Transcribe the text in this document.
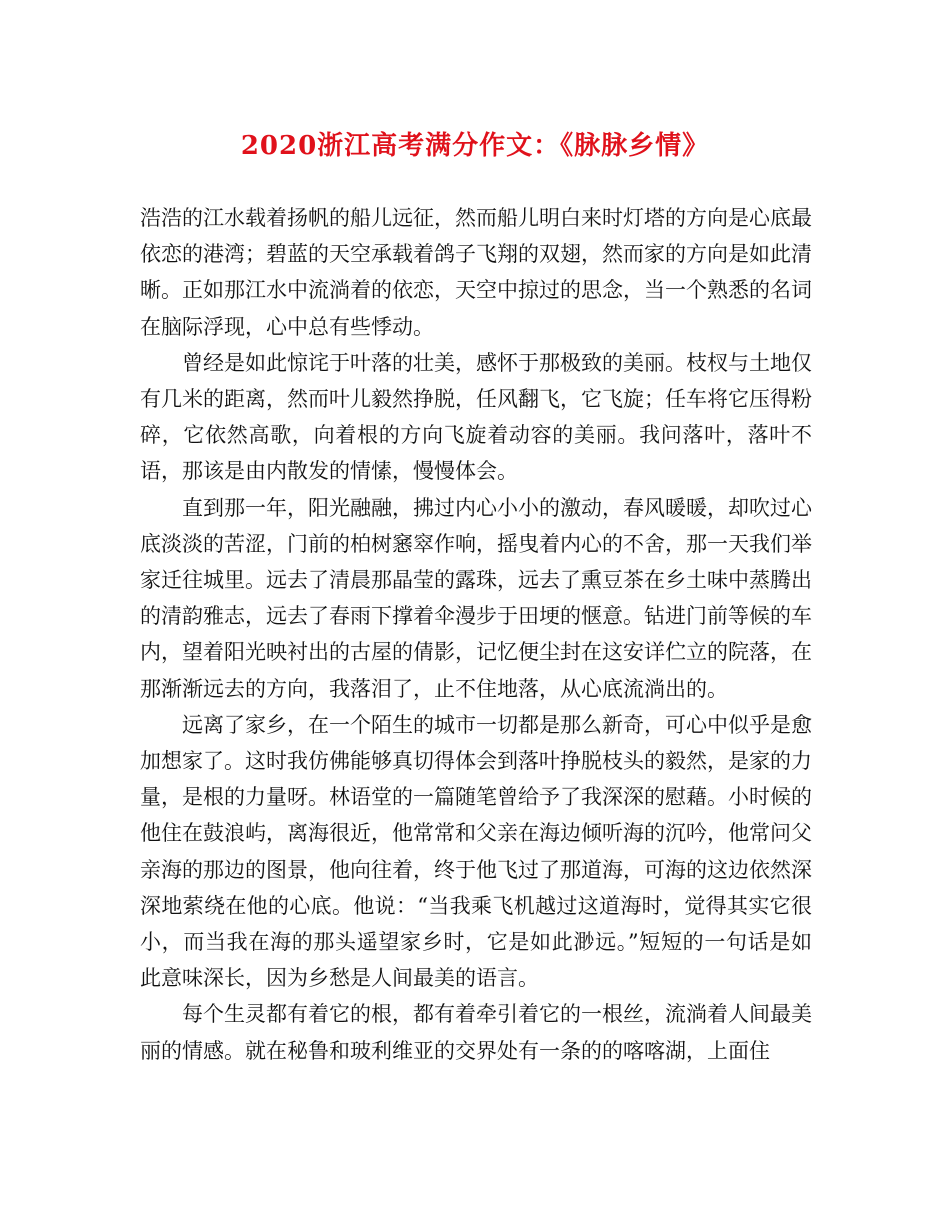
2020浙江高考满分作文：《脉脉乡情》

浩浩的江水载着扬帆的船儿远征，然而船儿明白来时灯塔的方向是心底最依恋的港湾；碧蓝的天空承载着鸽子飞翔的双翅，然而家的方向是如此清晰。正如那江水中流淌着的依恋，天空中掠过的思念，当一个熟悉的名词在脑际浮现，心中总有些悸动。

曾经是如此惊诧于叶落的壮美，感怀于那极致的美丽。枝杈与土地仅有几米的距离，然而叶儿毅然挣脱，任风翻飞，它飞旋；任车将它压得粉碎，它依然高歌，向着根的方向飞旋着动容的美丽。我问落叶，落叶不语，那该是由内散发的情愫，慢慢体会。

直到那一年，阳光融融，拂过内心小小的激动，春风暖暖，却吹过心底淡淡的苦涩，门前的柏树窸窣作响，摇曳着内心的不舍，那一天我们举家迁往城里。远去了清晨那晶莹的露珠，远去了熏豆茶在乡土味中蒸腾出的清韵雅志，远去了春雨下撑着伞漫步于田埂的惬意。钻进门前等候的车内，望着阳光映衬出的古屋的倩影，记忆便尘封在这安详伫立的院落，在那渐渐远去的方向，我落泪了，止不住地落，从心底流淌出的。

远离了家乡，在一个陌生的城市一切都是那么新奇，可心中似乎是愈加想家了。这时我仿佛能够真切得体会到落叶挣脱枝头的毅然，是家的力量，是根的力量呀。林语堂的一篇随笔曾给予了我深深的慰藉。小时候的他住在鼓浪屿，离海很近，他常常和父亲在海边倾听海的沉吟，他常问父亲海的那边的图景，他向往着，终于他飞过了那道海，可海的这边依然深深地萦绕在他的心底。他说：“当我乘飞机越过这道海时，觉得其实它很小，而当我在海的那头遥望家乡时，它是如此渺远。”短短的一句话是如此意味深长，因为乡愁是人间最美的语言。

每个生灵都有着它的根，都有着牵引着它的一根丝，流淌着人间最美丽的情感。就在秘鲁和玻利维亚的交界处有一条的的喀喀湖，上面住
